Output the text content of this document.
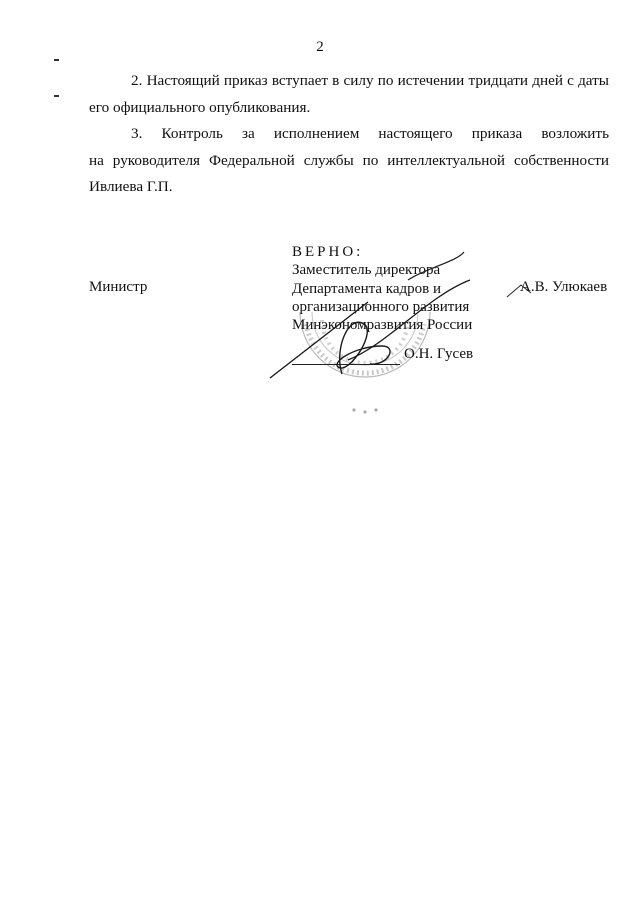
2
2. Настоящий приказ вступает в силу по истечении тридцати дней с даты
его официального опубликования.
3. Контроль за исполнением настоящего приказа возложить
на руководителя Федеральной службы по интеллектуальной собственности
Ивлиева Г.П.
ВЕРНО:
Заместитель директора
Департамента кадров и
организационного развития
Минэкономразвития России
О.Н. Гусев
Министр	А.В. Улюкаев
